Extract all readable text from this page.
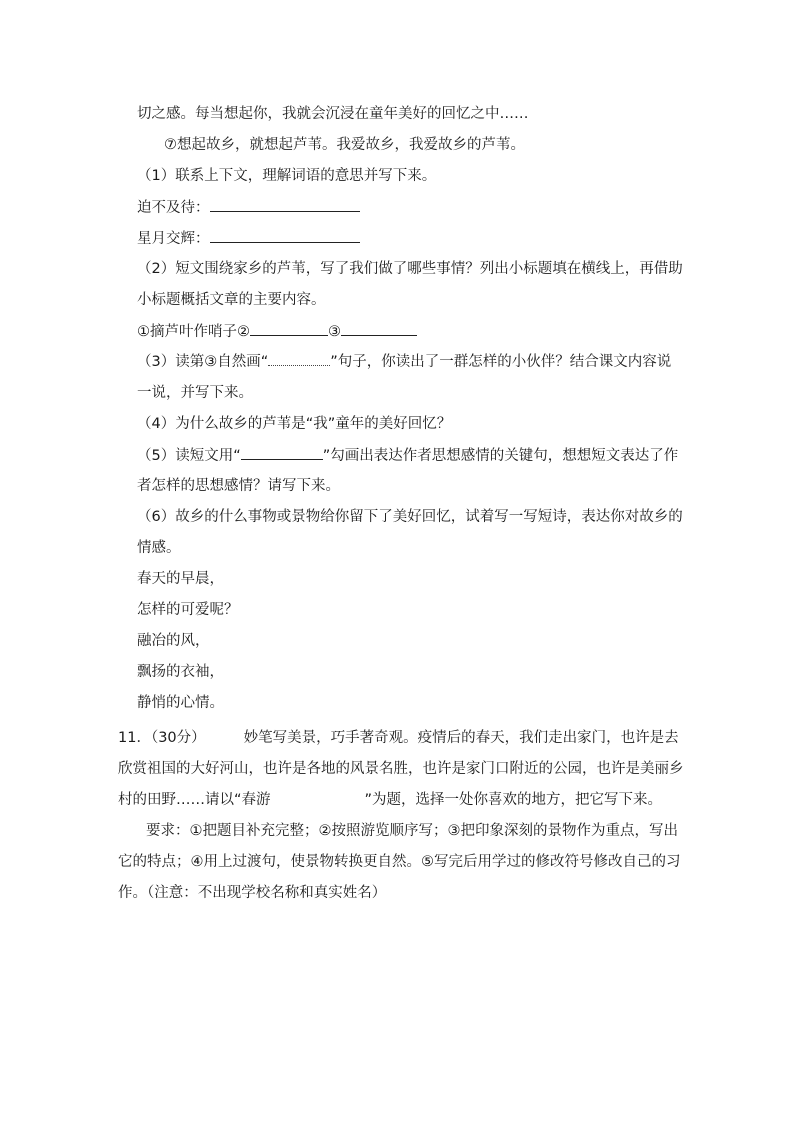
切之感。每当想起你，我就会沉浸在童年美好的回忆之中……
⑦想起故乡，就想起芦苇。我爱故乡，我爱故乡的芦苇。
（1）联系上下文，理解词语的意思并写下来。
迫不及待：
星月交辉：
（2）短文围绕家乡的芦苇，写了我们做了哪些事情？列出小标题填在横线上，再借助
小标题概括文章的主要内容。
①摘芦叶作哨子②	③
（3）读第③自然画“	”句子，你读出了一群怎样的小伙伴？结合课文内容说
一说，并写下来。
（4）为什么故乡的芦苇是“我”童年的美好回忆？
（5）读短文用“	”勾画出表达作者思想感情的关键句，想想短文表达了作
者怎样的思想感情？请写下来。
（6）故乡的什么事物或景物给你留下了美好回忆，试着写一写短诗，表达你对故乡的
情感。
春天的早晨，
怎样的可爱呢？
融冶的风，
飘扬的衣袖，
静悄的心情。
11．（30分）	妙笔写美景，巧手著奇观。疫情后的春天，我们走出家门，也许是去
欣赏祖国的大好河山，也许是各地的风景名胜，也许是家门口附近的公园，也许是美丽乡
村的田野……请以“春游	”为题，选择一处你喜欢的地方，把它写下来。
要求：①把题目补充完整；②按照游览顺序写；③把印象深刻的景物作为重点，写出
它的特点；④用上过渡句，使景物转换更自然。⑤写完后用学过的修改符号修改自己的习
作。（注意：不出现学校名称和真实姓名）
